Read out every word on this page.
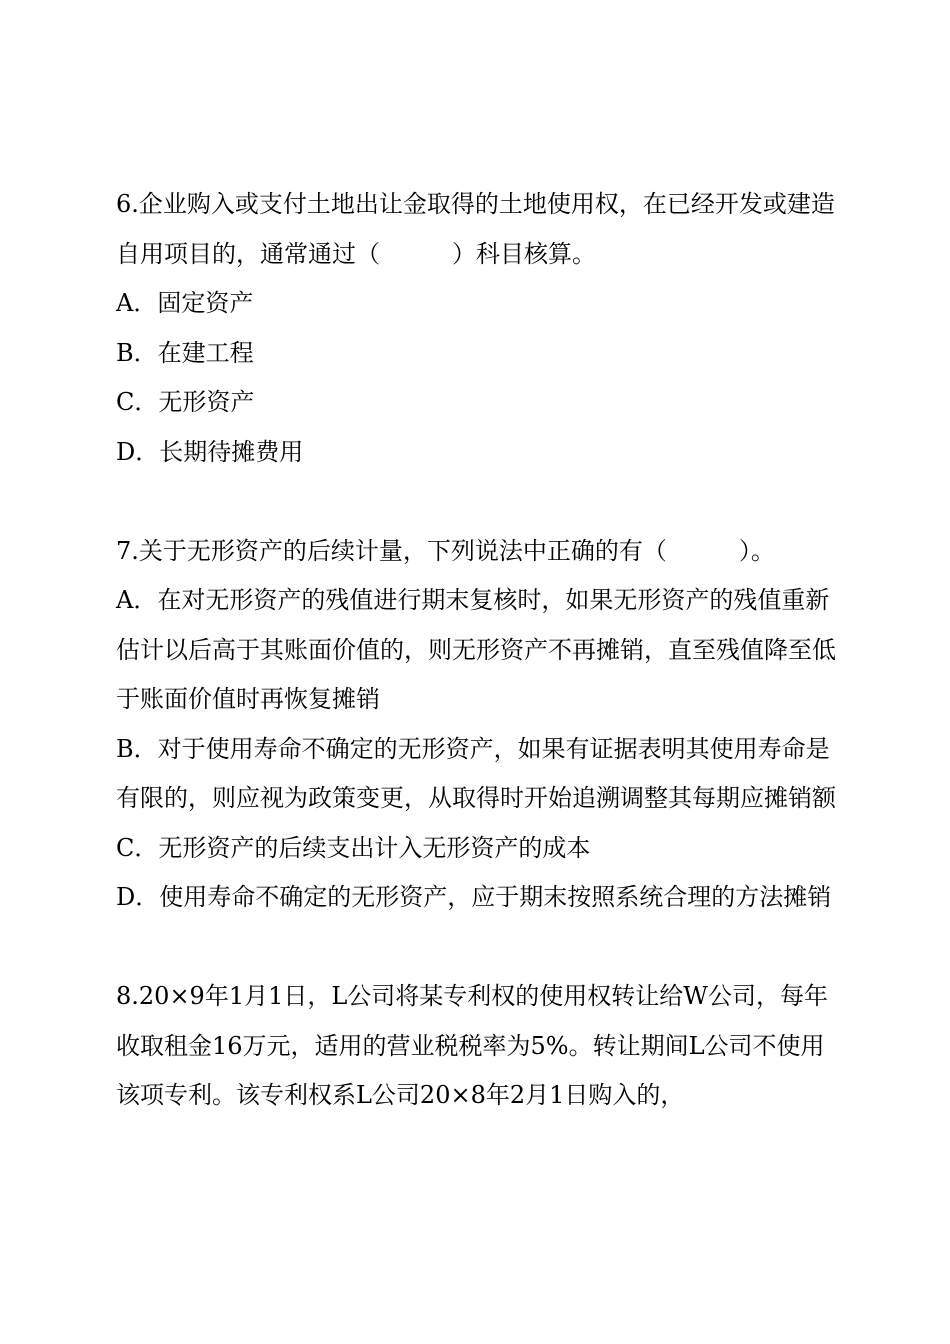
6.企业购入或支付土地出让金取得的土地使用权，在已经开发或建造自用项目的，通常通过（　　　）科目核算。

A．固定资产

B．在建工程

C．无形资产

D．长期待摊费用

7.关于无形资产的后续计量，下列说法中正确的有（　　　）。

A．在对无形资产的残值进行期末复核时，如果无形资产的残值重新估计以后高于其账面价值的，则无形资产不再摊销，直至残值降至低于账面价值时再恢复摊销

B．对于使用寿命不确定的无形资产，如果有证据表明其使用寿命是有限的，则应视为政策变更，从取得时开始追溯调整其每期应摊销额

C．无形资产的后续支出计入无形资产的成本

D．使用寿命不确定的无形资产，应于期末按照系统合理的方法摊销

8.20×9年1月1日，L公司将某专利权的使用权转让给W公司，每年收取租金16万元，适用的营业税税率为5%。转让期间L公司不使用该项专利。该专利权系L公司20×8年2月1日购入的，
